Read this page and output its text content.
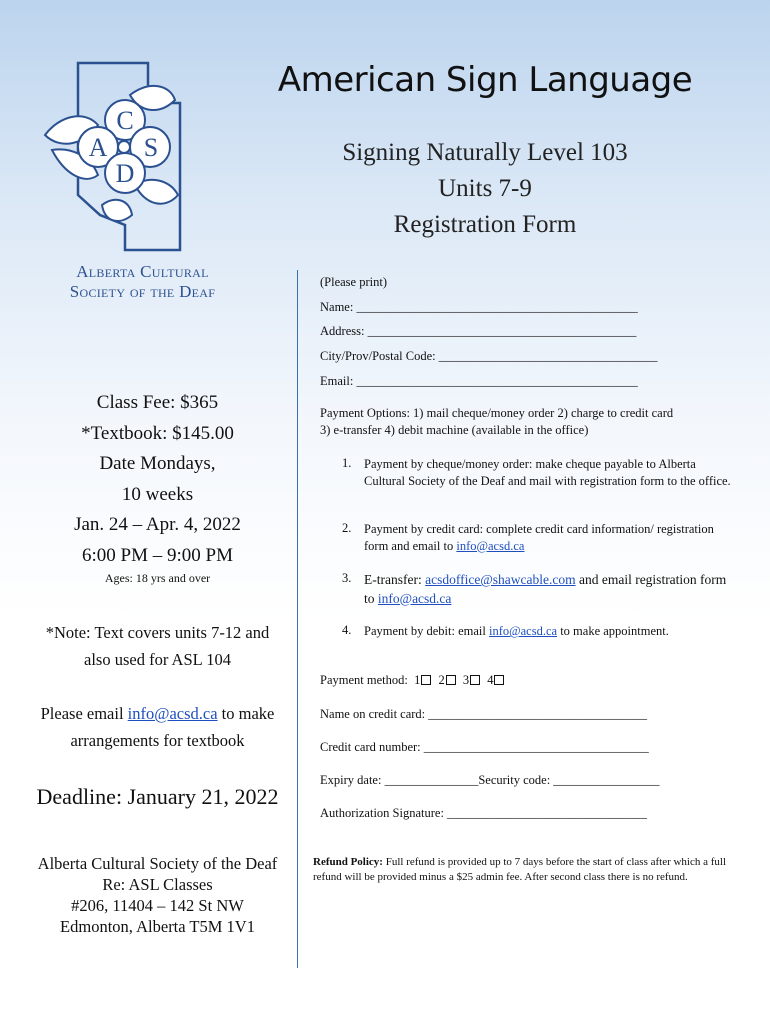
C
A S
D
Alberta Cultural
Society of the Deaf
American Sign Language
Signing Naturally Level 103
Units 7-9
Registration Form
Class Fee: $365
*Textbook: $145.00
Date Mondays,
10 weeks
Jan. 24 – Apr. 4, 2022
6:00 PM – 9:00 PM
Ages: 18 yrs and over
*Note: Text covers units 7-12 and
also used for ASL 104
Please email info@acsd.ca to make
arrangements for textbook
Deadline: January 21, 2022
Alberta Cultural Society of the Deaf
Re: ASL Classes
#206, 11404 – 142 St NW
Edmonton, Alberta T5M 1V1
(Please print)
Name: _____________________________________________
Address: ___________________________________________
City/Prov/Postal Code: ___________________________________
Email: _____________________________________________
Payment Options: 1) mail cheque/money order 2) charge to credit card
3) e-transfer 4) debit machine (available in the office)
1. Payment by cheque/money order: make cheque payable to Alberta Cultural Society of the Deaf and mail with registration form to the office.
2. Payment by credit card: complete credit card information/ registration form and email to info@acsd.ca
3. E-transfer: acsdoffice@shawcable.com and email registration form to info@acsd.ca
4. Payment by debit: email info@acsd.ca to make appointment.
Payment method: 1 2 3 4
Name on credit card: ___________________________________
Credit card number: ____________________________________
Expiry date: _______________Security code: _________________
Authorization Signature: ________________________________
Refund Policy: Full refund is provided up to 7 days before the start of class after which a full refund will be provided minus a $25 admin fee. After second class there is no refund.
